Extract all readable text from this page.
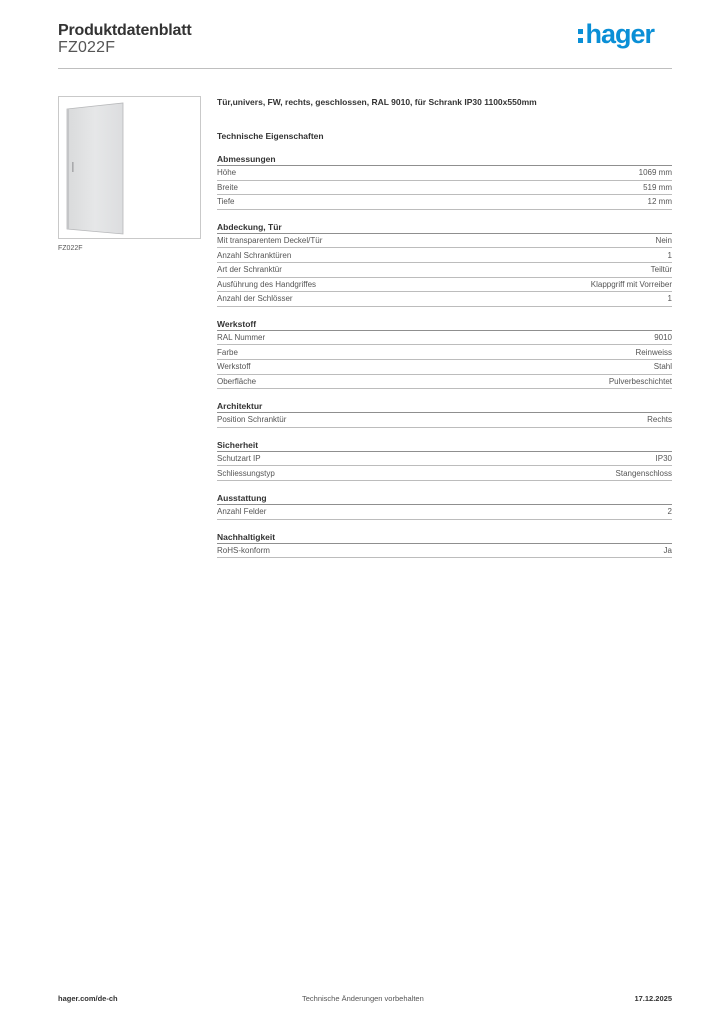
Produktdatenblatt
FZ022F	hager
FZ022F
Tür,univers, FW, rechts, geschlossen, RAL 9010, für Schrank IP30 1100x550mm
Technische Eigenschaften
Abmessungen
Höhe	1069 mm
Breite	519 mm
Tiefe	12 mm
Abdeckung, Tür
Mit transparentem Deckel/Tür	Nein
Anzahl Schranktüren	1
Art der Schranktür	Teiltür
Ausführung des Handgriffes	Klappgriff mit Vorreiber
Anzahl der Schlösser	1
Werkstoff
RAL Nummer	9010
Farbe	Reinweiss
Werkstoff	Stahl
Oberfläche	Pulverbeschichtet
Architektur
Position Schranktür	Rechts
Sicherheit
Schutzart IP	IP30
Schliessungstyp	Stangenschloss
Ausstattung
Anzahl Felder	2
Nachhaltigkeit
RoHS-konform	Ja
hager.com/de-ch	Technische Änderungen vorbehalten	17.12.2025
